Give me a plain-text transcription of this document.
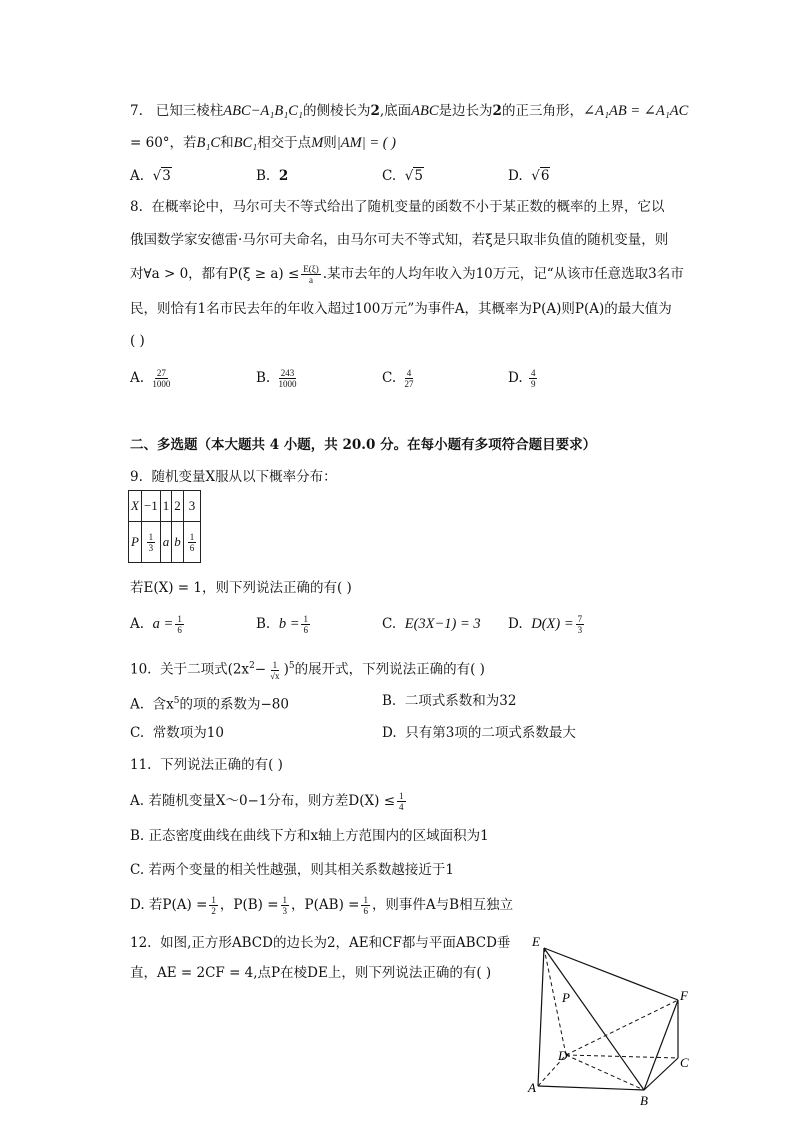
7. 已知三棱柱ABC−A₁B₁C₁的侧棱长为2,底面ABC是边长为2的正三角形，∠A₁AB = ∠A₁AC
= 60°，若B₁C和BC₁相交于点M则|AM| = ( )
A.  √3	B. 2	C.  √5	D.  √6
8. 在概率论中，马尔可夫不等式给出了随机变量的函数不小于某正数的概率的上界，它以
俄国数学家安德雷·马尔可夫命名，由马尔可夫不等式知，若ξ是只取非负值的随机变量，则
对∀a > 0，都有$P(\xi \ge a) \le \frac{E(\xi)}{a}$ .某市去年的人均年收入为10万元，记“从该市任意选取3名市
民，则恰有1名市民去年的年收入超过100万元”为事件A，其概率为P(A)则P(A)的最大值为
( )
A. $\frac{27}{1000}$	B. $\frac{243}{1000}$	C. $\frac{4}{27}$	D. $\frac{4}{9}$
二、多选题（本大题共 4 小题，共 20.0 分。在每小题有多项符合题目要求）
9. 随机变量X服从以下概率分布：
X	−1	1	2	3
P	$\frac{1}{3}$	a	b	$\frac{1}{6}$
若E(X) = 1，则下列说法正确的有( )
A. $a = \frac{1}{6}$	B. $b = \frac{1}{6}$	C. E(3X−1) = 3 D. $D(X) = \frac{7}{3}$
10. 关于二项式$(2x^2- \frac{1}{√x} )^5$的展开式，下列说法正确的有( )
A. 含$x^5$的项的系数为−80	B. 二项式系数和为32
C. 常数项为10	D. 只有第3项的二项式系数最大
11. 下列说法正确的有( )
A. 若随机变量X～0−1分布，则方差$D(X) \le \frac{1}{4}$
B. 正态密度曲线在曲线下方和x轴上方范围内的区域面积为1
C. 若两个变量的相关性越强，则其相关系数越接近于1
D. 若$P(A) = \frac{1}{2}$ ，$P(B) = \frac{1}{3}$ ，$P(AB) = \frac{1}{6}$ ，则事件A与B相互独立
12. 如图,正方形ABCD的边长为2，AE和CF都与平面ABCD垂
直，AE = 2CF = 4,点P在棱DE上，则下列说法正确的有( )
E
P	F
D	C
A
B
